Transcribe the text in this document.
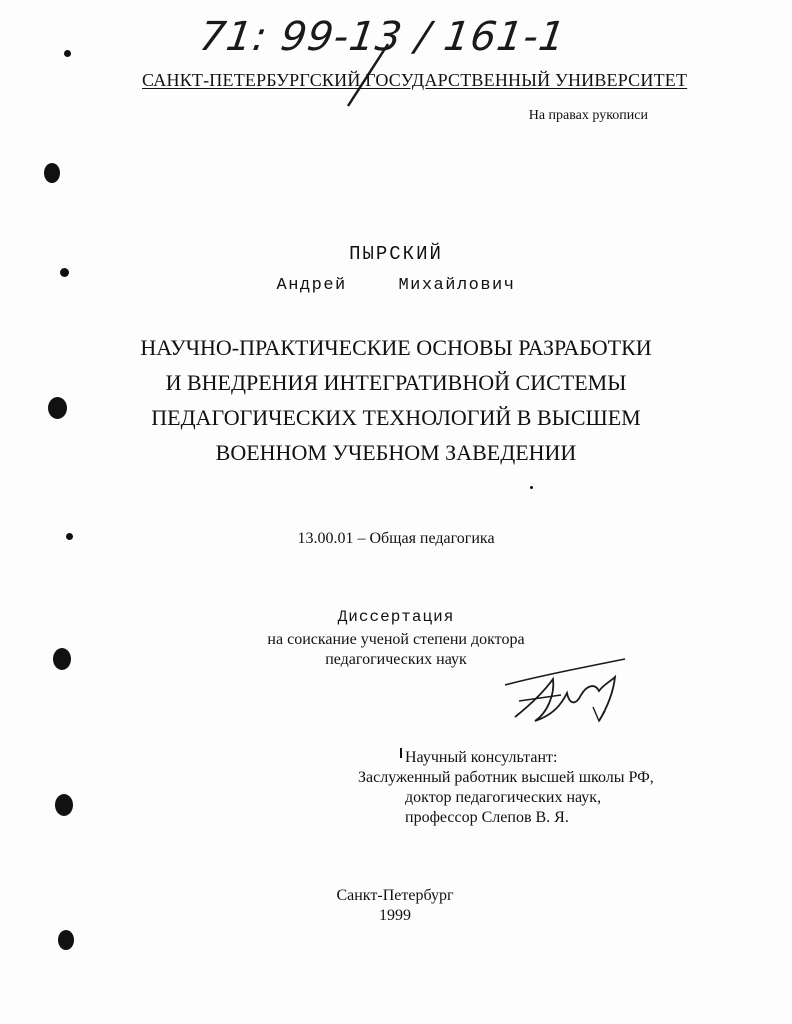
71: 99-13 / 161-1
САНКТ-ПЕТЕРБУРГСКИЙ ГОСУДАРСТВЕННЫЙ УНИВЕРСИТЕТ
На правах рукописи
ПЫРСКИЙ
Андрей Михайлович
НАУЧНО-ПРАКТИЧЕСКИЕ ОСНОВЫ РАЗРАБОТКИ
И ВНЕДРЕНИЯ ИНТЕГРАТИВНОЙ СИСТЕМЫ
ПЕДАГОГИЧЕСКИХ ТЕХНОЛОГИЙ В ВЫСШЕМ
ВОЕННОМ УЧЕБНОМ ЗАВЕДЕНИИ
13.00.01 – Общая педагогика
Диссертация
на соискание ученой степени доктора
педагогических наук
Научный консультант:
Заслуженный работник высшей школы РФ,
доктор педагогических наук,
профессор Слепов В. Я.
Санкт-Петербург
1999
